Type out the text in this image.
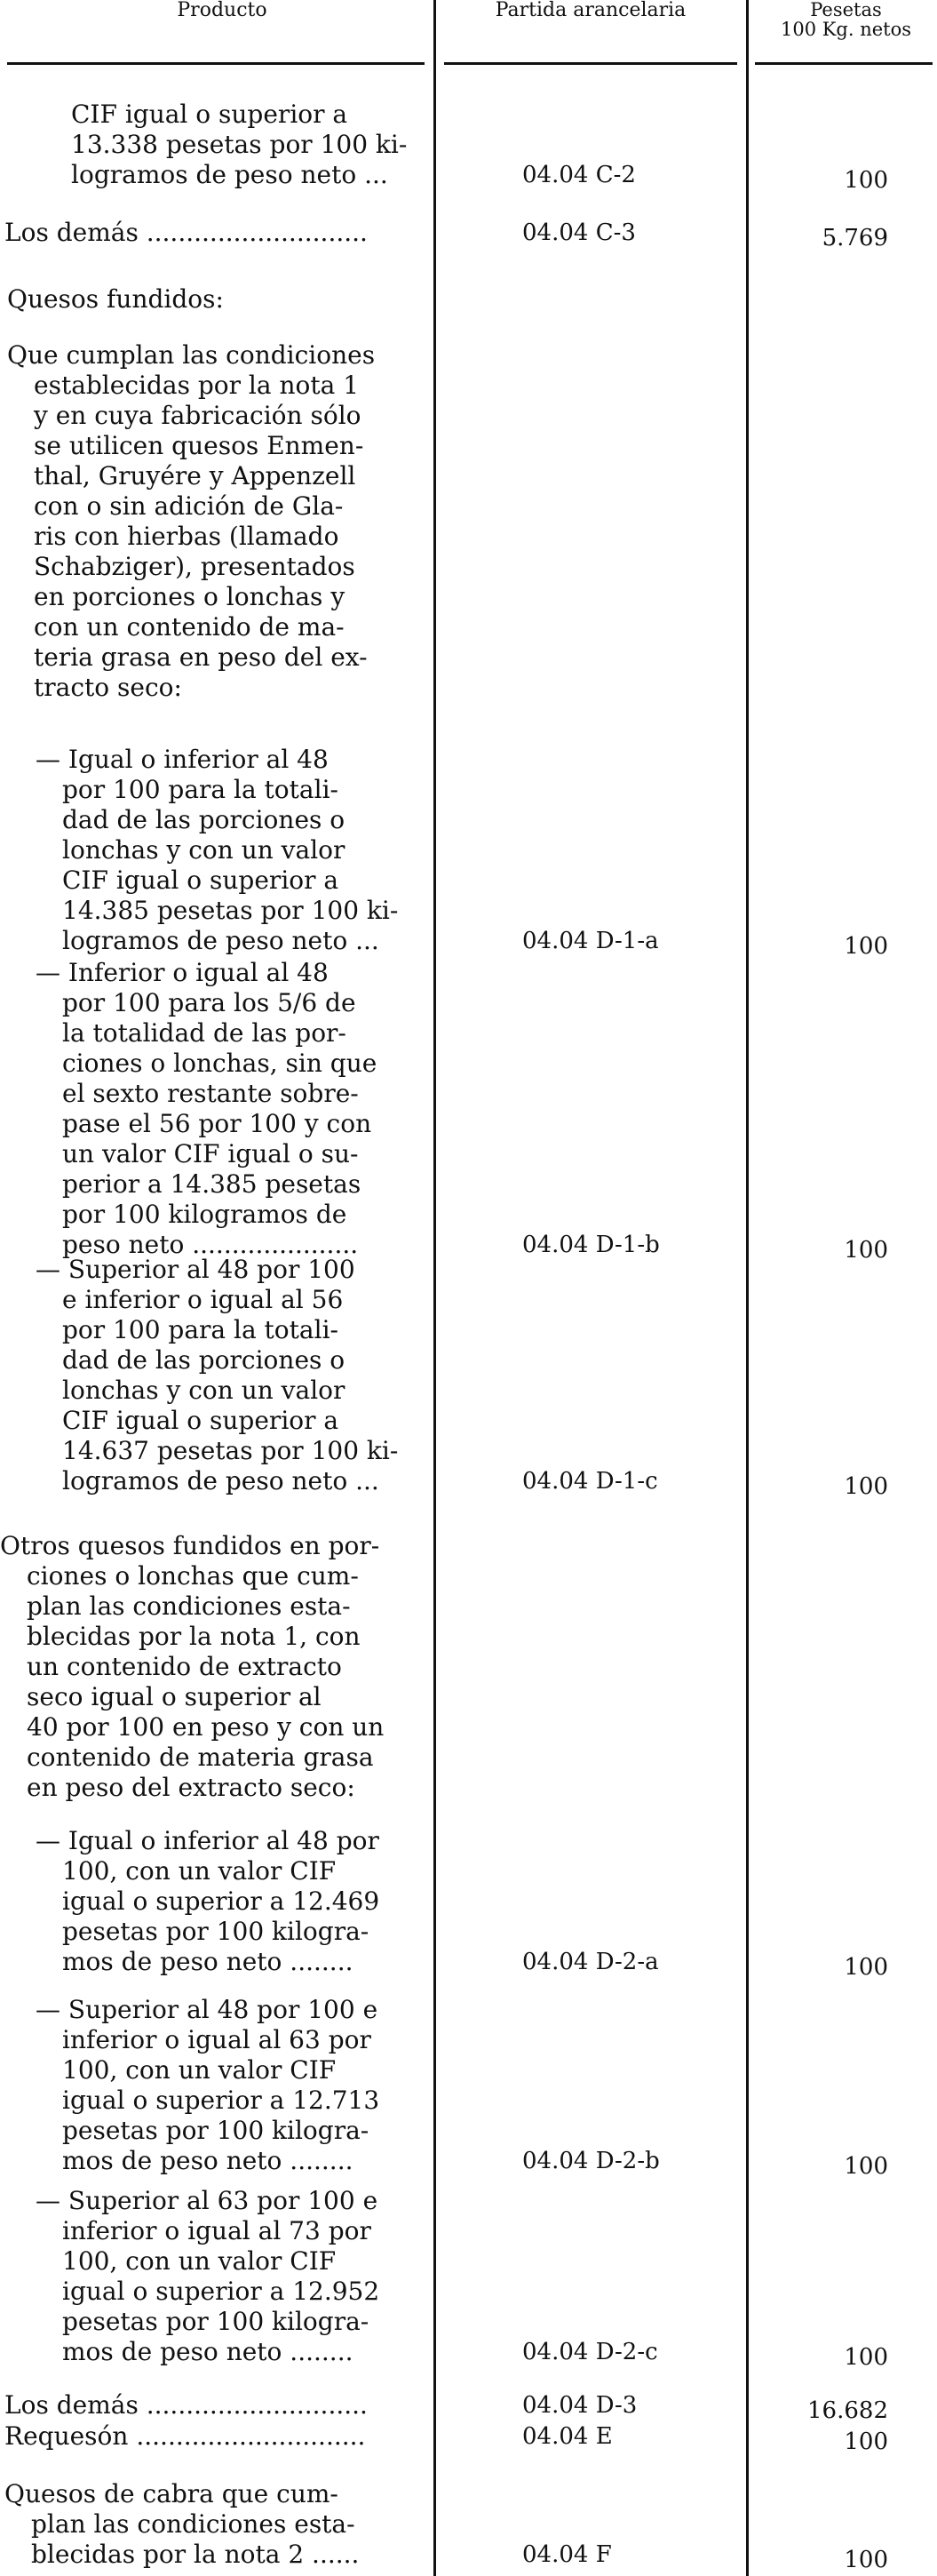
Producto	Partida arancelaria	Pesetas
100 Kg. netos
CIF igual o superior a
13.338 pesetas por 100 ki-
logramos de peso neto ...	04.04 C-2	100
Los demás ............................	04.04 C-3	5.769
Quesos fundidos:
Que cumplan las condiciones
establecidas por la nota 1
y en cuya fabricación sólo
se utilicen quesos Enmen-
thal, Gruyére y Appenzell
con o sin adición de Gla-
ris con hierbas (llamado
Schabziger), presentados
en porciones o lonchas y
con un contenido de ma-
teria grasa en peso del ex-
tracto seco:
— Igual o inferior al 48
por 100 para la totali-
dad de las porciones o
lonchas y con un valor
CIF igual o superior a
14.385 pesetas por 100 ki-
logramos de peso neto ...	04.04 D-1-a	100
— Inferior o igual al 48
por 100 para los 5/6 de
la totalidad de las por-
ciones o lonchas, sin que
el sexto restante sobre-
pase el 56 por 100 y con
un valor CIF igual o su-
perior a 14.385 pesetas
por 100 kilogramos de
peso neto .....................	04.04 D-1-b	100
— Superior al 48 por 100
e inferior o igual al 56
por 100 para la totali-
dad de las porciones o
lonchas y con un valor
CIF igual o superior a
14.637 pesetas por 100 ki-
logramos de peso neto ...	04.04 D-1-c	100
Otros quesos fundidos en por-
ciones o lonchas que cum-
plan las condiciones esta-
blecidas por la nota 1, con
un contenido de extracto
seco igual o superior al
40 por 100 en peso y con un
contenido de materia grasa
en peso del extracto seco:
— Igual o inferior al 48 por
100, con un valor CIF
igual o superior a 12.469
pesetas por 100 kilogra-
mos de peso neto ........	04.04 D-2-a	100
— Superior al 48 por 100 e
inferior o igual al 63 por
100, con un valor CIF
igual o superior a 12.713
pesetas por 100 kilogra-
mos de peso neto ........	04.04 D-2-b	100
— Superior al 63 por 100 e
inferior o igual al 73 por
100, con un valor CIF
igual o superior a 12.952
pesetas por 100 kilogra-
mos de peso neto ........	04.04 D-2-c	100
Los demás ............................	04.04 D-3	16.682
Requesón .............................	04.04 E	100
Quesos de cabra que cum-
plan las condiciones esta-
blecidas por la nota 2 ......	04.04 F	100
